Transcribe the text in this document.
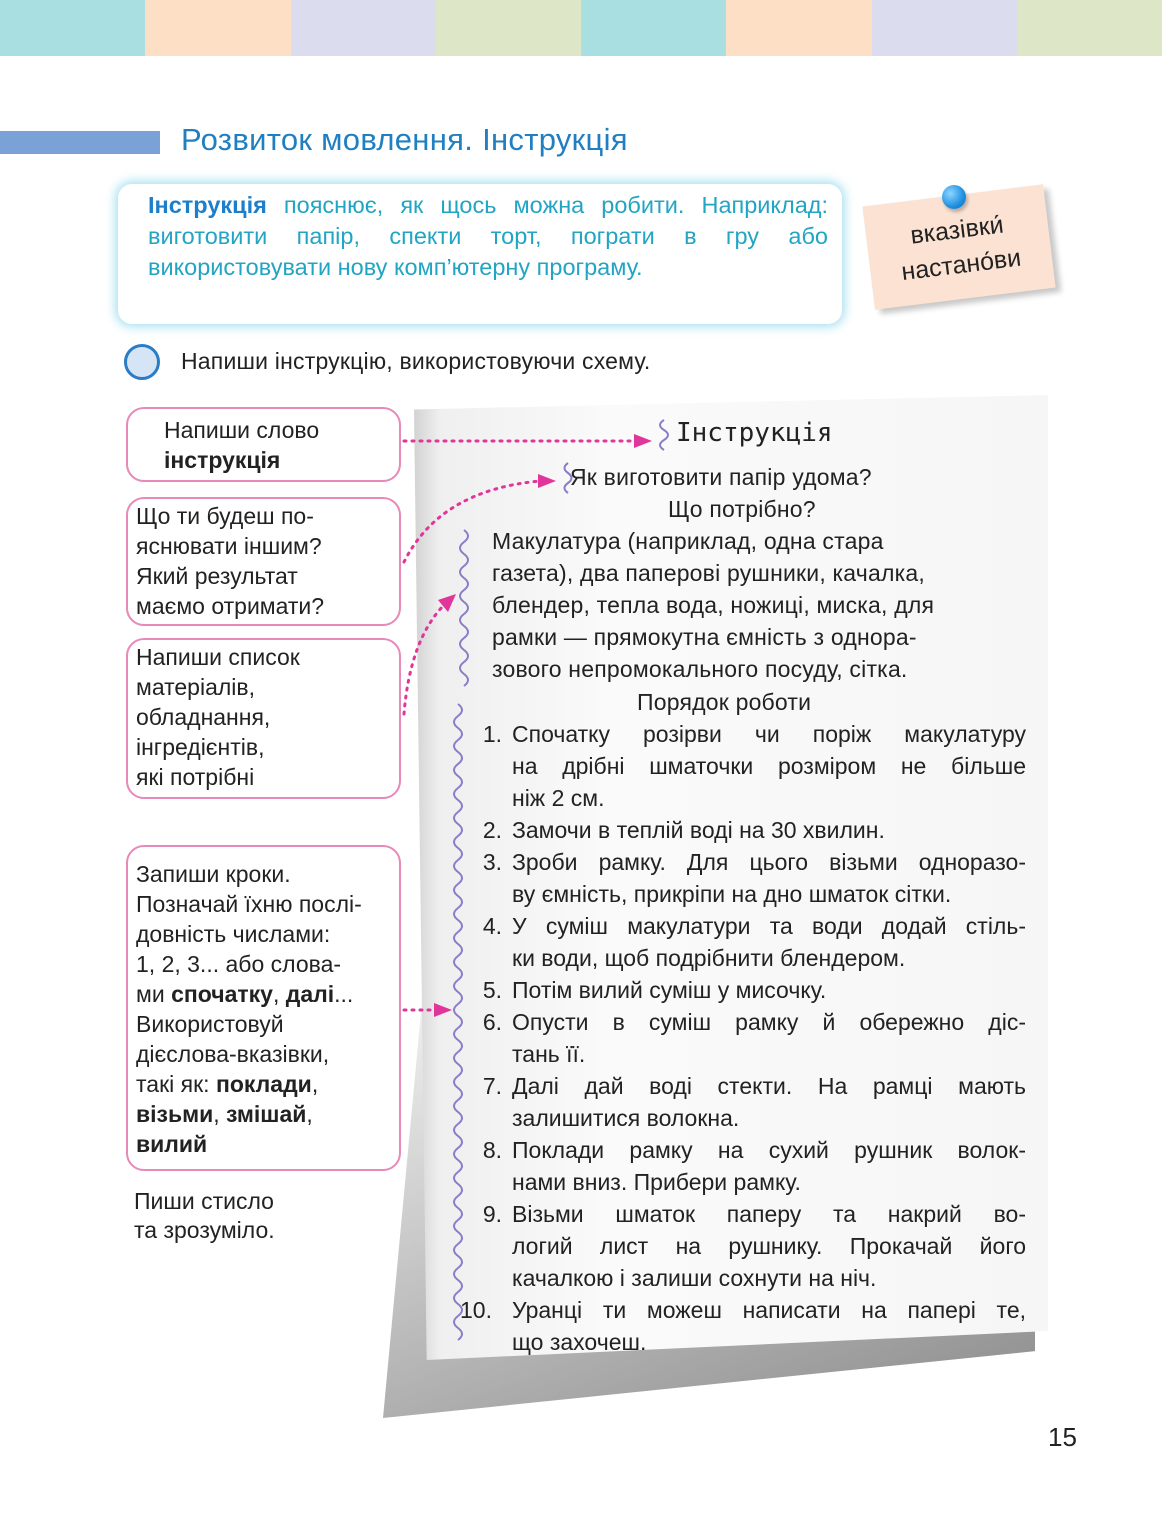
Розвиток мовлення. Інструкція
Інструкція пояснює, як щось можна робити. Наприклад: виготовити папір, спекти торт, пограти в гру або використовувати нову комп’ютерну програму.
вказівки́
настано́ви
Напиши інструкцію, використовуючи схему.
Напиши слово
інструкція
Що ти будеш по-
яснювати іншим?
Який результат
маємо отримати?
Напиши список
матеріалів,
обладнання,
інгредієнтів,
які потрібні
Запиши кроки.
Позначай їхню послі-
довність числами:
1, 2, 3... або слова-
ми спочатку, далі...
Використовуй
дієслова-вказівки,
такі як: поклади,
візьми, змішай,
вилий
Пиши стисло
та зрозуміло.
Інструкція
Як виготовити папір удома?
Що потрібно?
Макулатура (наприклад, одна стара
газета), два паперові рушники, качалка,
блендер, тепла вода, ножиці, миска, для
рамки — прямокутна ємність з однора-
зового непромокального посуду, сітка.
Порядок роботи
1. Спочатку розірви чи поріж макулатуру
на дрібні шматочки розміром не більше
ніж 2 см.
2. Замочи в теплій воді на 30 хвилин.
3. Зроби рамку. Для цього візьми одноразо-
ву ємність, прикріпи на дно шматок сітки.
4. У суміш макулатури та води додай стіль-
ки води, щоб подрібнити блендером.
5. Потім вилий суміш у мисочку.
6. Опусти в суміш рамку й обережно діс-
тань її.
7. Далі дай воді стекти. На рамці мають
залишитися волокна.
8. Поклади рамку на сухий рушник волок-
нами вниз. Прибери рамку.
9. Візьми шматок паперу та накрий во-
логий лист на рушнику. Прокачай його
качалкою і залиши сохнути на ніч.
10. Уранці ти можеш написати на папері те,
що захочеш.
15
